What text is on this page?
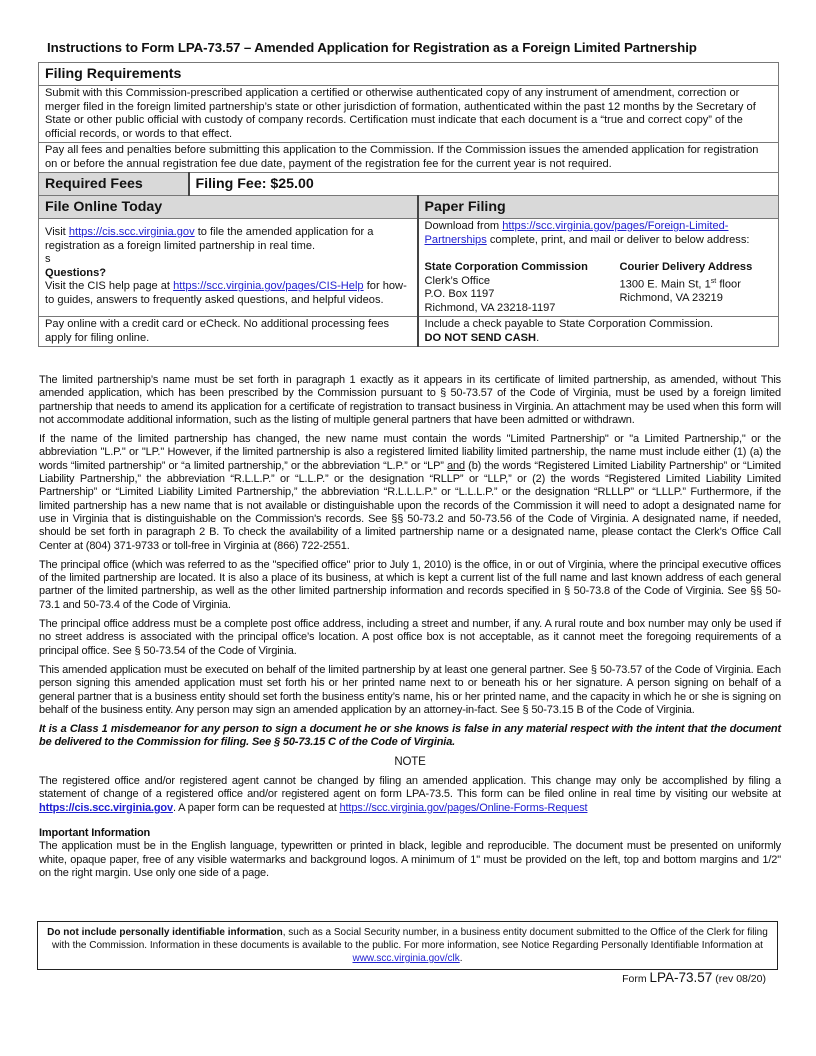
Instructions to Form LPA-73.57 – Amended Application for Registration as a Foreign Limited Partnership
Filing Requirements		
Submit with this Commission-prescribed application a certified or otherwise authenticated copy of any instrument of amendment, correction or merger filed in the foreign limited partnership’s state or other jurisdiction of formation, authenticated within the past 12 months by the Secretary of State or other public official with custody of company records. Certification must indicate that each document is a “true and correct copy” of the official records, or words to that effect.		
Pay all fees and penalties before submitting this application to the Commission. If the Commission issues the amended application for registration on or before the annual registration fee due date, payment of the registration fee for the current year is not required.		
Required Fees	Filing Fee: $25.00	
File Online Today		Paper Filing

Visit https://cis.scc.virginia.gov to file the amended application for a registration as a foreign limited partnership in real time.
s
Questions?
Visit the CIS help page at https://scc.virginia.gov/pages/CIS-Help for how-to guides, answers to frequently asked questions, and helpful videos.

Download from https://scc.virginia.gov/pages/Foreign-Limited-Partnerships complete, print, and mail or deliver to below address:
State Corporation Commission
Clerk’s Office
P.O. Box 1197
Richmond, VA 23218-1197
Courier Delivery Address
1300 E. Main St, 1st floor
Richmond, VA 23219

Pay online with a credit card or eCheck. No additional processing fees apply for filing online.		Include a check payable to State Corporation Commission.
DO NOT SEND CASH.

The limited partnership’s name must be set forth in paragraph 1 exactly as it appears in its certificate of limited partnership, as amended, without This amended application, which has been prescribed by the Commission pursuant to § 50-73.57 of the Code of Virginia, must be used by a foreign limited partnership that needs to amend its application for a certificate of registration to transact business in Virginia. An attachment may be used when this form will not accommodate additional information, such as the listing of multiple general partners that have been admitted or withdrawn.

If the name of the limited partnership has changed, the new name must contain the words "Limited Partnership" or "a Limited Partnership," or the abbreviation "L.P." or "LP." However, if the limited partnership is also a registered limited liability limited partnership, the name must include either (1) (a) the words “limited partnership” or “a limited partnership,” or the abbreviation “L.P.” or “LP” and (b) the words “Registered Limited Liability Partnership” or “Limited Liability Partnership,” the abbreviation “R.L.L.P.” or “L.L.P.” or the designation “RLLP” or “LLP,” or (2) the words “Registered Limited Liability Limited Partnership” or “Limited Liability Limited Partnership,” the abbreviation “R.L.L.L.P.” or “L.L.L.P.” or the designation “RLLLP” or “LLLP.” Furthermore, if the limited partnership has a new name that is not available or distinguishable upon the records of the Commission it will need to adopt a designated name for use in Virginia that is distinguishable on the Commission's records. See §§ 50-73.2 and 50-73.56 of the Code of Virginia. A designated name, if needed, should be set forth in paragraph 2 B. To check the availability of a limited partnership name or a designated name, please contact the Clerk’s Office Call Center at (804) 371-9733 or toll-free in Virginia at (866) 722-2551.

The principal office (which was referred to as the "specified office" prior to July 1, 2010) is the office, in or out of Virginia, where the principal executive offices of the limited partnership are located. It is also a place of its business, at which is kept a current list of the full name and last known address of each general partner of the limited partnership, as well as the other limited partnership information and records specified in § 50-73.8 of the Code of Virginia. See §§ 50-73.1 and 50-73.4 of the Code of Virginia.

The principal office address must be a complete post office address, including a street and number, if any. A rural route and box number may only be used if no street address is associated with the principal office’s location. A post office box is not acceptable, as it cannot meet the foregoing requirements of a principal office. See § 50-73.54 of the Code of Virginia.

This amended application must be executed on behalf of the limited partnership by at least one general partner. See § 50-73.57 of the Code of Virginia. Each person signing this amended application must set forth his or her printed name next to or beneath his or her signature. A person signing on behalf of a general partner that is a business entity should set forth the business entity’s name, his or her printed name, and the capacity in which he or she is signing on behalf of the business entity. Any person may sign an amended application by an attorney-in-fact. See § 50-73.15 B of the Code of Virginia.

It is a Class 1 misdemeanor for any person to sign a document he or she knows is false in any material respect with the intent that the document be delivered to the Commission for filing. See § 50-73.15 C of the Code of Virginia.

NOTE

The registered office and/or registered agent cannot be changed by filing an amended application. This change may only be accomplished by filing a statement of change of a registered office and/or registered agent on form LPA-73.5. This form can be filed online in real time by visiting our website at https://cis.scc.virginia.gov. A paper form can be requested at https://scc.virginia.gov/pages/Online-Forms-Request

Important Information

The application must be in the English language, typewritten or printed in black, legible and reproducible. The document must be presented on uniformly white, opaque paper, free of any visible watermarks and background logos. A minimum of 1" must be provided on the left, top and bottom margins and 1/2" on the right margin. Use only one side of a page.

Do not include personally identifiable information, such as a Social Security number, in a business entity document submitted to the Office of the Clerk for filing with the Commission. Information in these documents is available to the public. For more information, see Notice Regarding Personally Identifiable Information at www.scc.virginia.gov/clk.
Form LPA-73.57 (rev 08/20)
